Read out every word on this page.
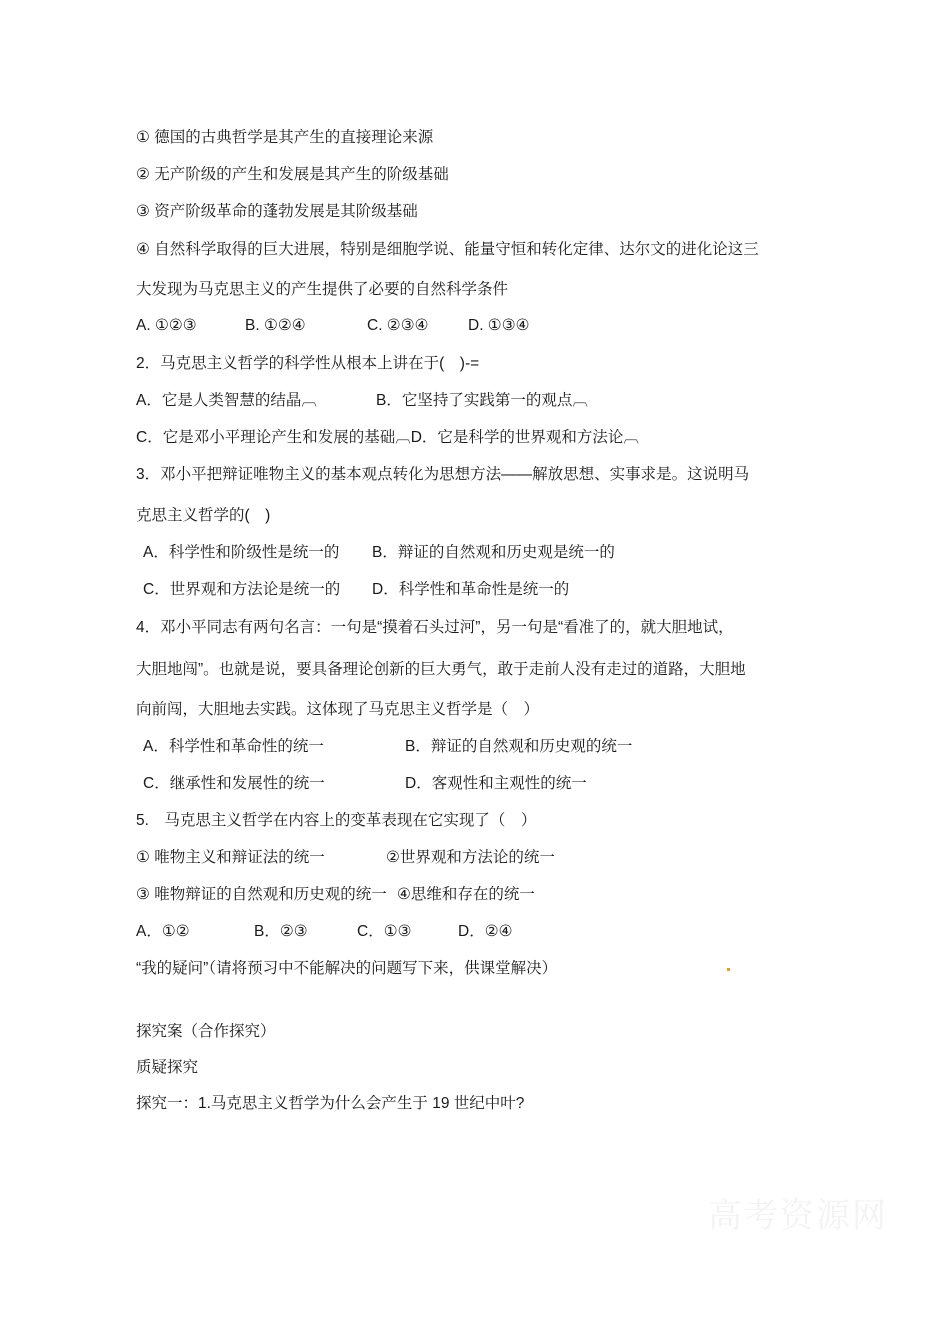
① 德国的古典哲学是其产生的直接理论来源
② 无产阶级的产生和发展是其产生的阶级基础
③ 资产阶级革命的蓬勃发展是其阶级基础
④ 自然科学取得的巨大进展，特别是细胞学说、能量守恒和转化定律、达尔文的进化论这三
大发现为马克思主义的产生提供了必要的自然科学条件
A. ①②③	B. ①②④	C. ②③④	D. ①③④
2．马克思主义哲学的科学性从根本上讲在于(　)-=
A．它是人类智慧的结晶︹	B．它坚持了实践第一的观点︹
C．它是邓小平理论产生和发展的基础︹D．它是科学的世界观和方法论︹
3．邓小平把辩证唯物主义的基本观点转化为思想方法——解放思想、实事求是。这说明马
克思主义哲学的(　)
A．科学性和阶级性是统一的 B．辩证的自然观和历史观是统一的
C．世界观和方法论是统一的 D．科学性和革命性是统一的
4．邓小平同志有两句名言：一句是“摸着石头过河”，另一句是“看准了的，就大胆地试，
大胆地闯”。也就是说，要具备理论创新的巨大勇气，敢于走前人没有走过的道路，大胆地
向前闯，大胆地去实践。这体现了马克思主义哲学是（　）
A．科学性和革命性的统一	B．辩证的自然观和历史观的统一
C．继承性和发展性的统一	D．客观性和主观性的统一
5.　马克思主义哲学在内容上的变革表现在它实现了（　）
① 唯物主义和辩证法的统一	②世界观和方法论的统一
③ 唯物辩证的自然观和历史观的统一 ④思维和存在的统一
A．①②	B．②③	C．①③	D．②④
“我的疑问”（请将预习中不能解决的问题写下来，供课堂解决）
探究案（合作探究）
质疑探究
探究一：1.马克思主义哲学为什么会产生于 19 世纪中叶?
高考资源网
